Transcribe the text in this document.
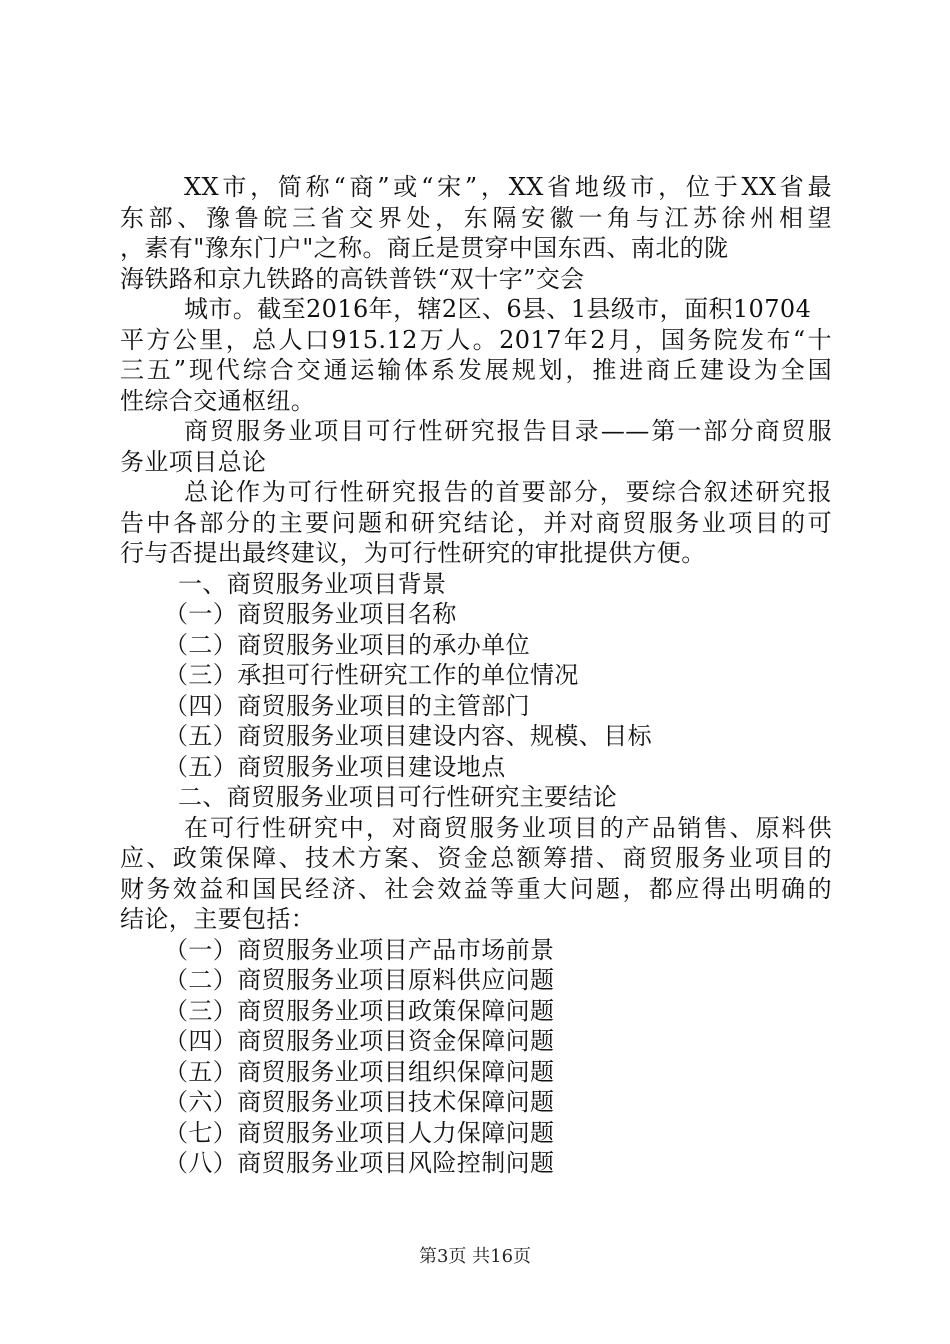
XX市，简称“商”或“宋”，XX省地级市，位于XX省最
东部、豫鲁皖三省交界处，东隔安徽一角与江苏徐州相望
，素有"豫东门户"之称。商丘是贯穿中国东西、南北的陇
海铁路和京九铁路的高铁普铁“双十字”交会
城市。截至2016年，辖2区、6县、1县级市，面积10704
平方公里，总人口915.12万人。2017年2月，国务院发布“十
三五”现代综合交通运输体系发展规划，推进商丘建设为全国
性综合交通枢纽。
商贸服务业项目可行性研究报告目录——第一部分商贸服
务业项目总论
总论作为可行性研究报告的首要部分，要综合叙述研究报
告中各部分的主要问题和研究结论，并对商贸服务业项目的可
行与否提出最终建议，为可行性研究的审批提供方便。
一、商贸服务业项目背景
（一）商贸服务业项目名称
（二）商贸服务业项目的承办单位
（三）承担可行性研究工作的单位情况
（四）商贸服务业项目的主管部门
（五）商贸服务业项目建设内容、规模、目标
（五）商贸服务业项目建设地点
二、商贸服务业项目可行性研究主要结论
在可行性研究中，对商贸服务业项目的产品销售、原料供
应、政策保障、技术方案、资金总额筹措、商贸服务业项目的
财务效益和国民经济、社会效益等重大问题，都应得出明确的
结论，主要包括：
（一）商贸服务业项目产品市场前景
（二）商贸服务业项目原料供应问题
（三）商贸服务业项目政策保障问题
（四）商贸服务业项目资金保障问题
（五）商贸服务业项目组织保障问题
（六）商贸服务业项目技术保障问题
（七）商贸服务业项目人力保障问题
（八）商贸服务业项目风险控制问题
第3页 共16页
